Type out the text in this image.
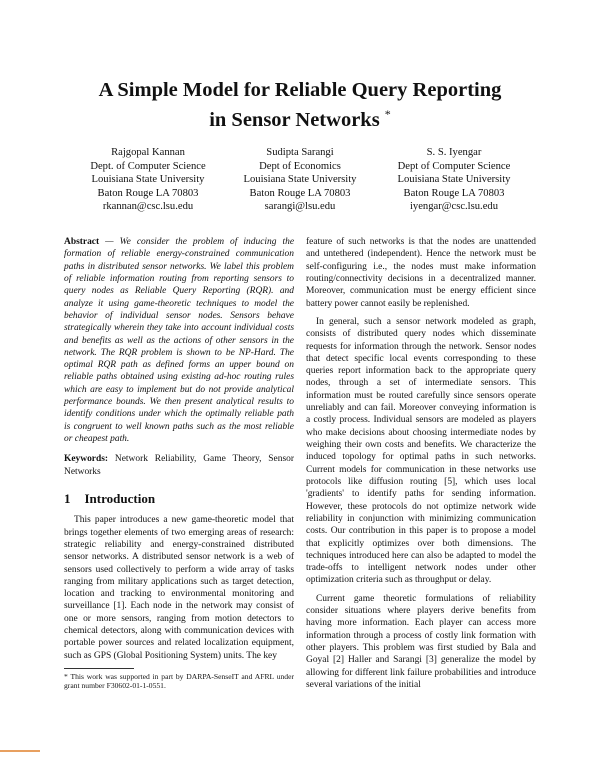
A Simple Model for Reliable Query Reporting
in Sensor Networks *
Rajgopal Kannan
Dept. of Computer Science
Louisiana State University
Baton Rouge LA 70803
rkannan@csc.lsu.edu
Sudipta Sarangi
Dept of Economics
Louisiana State University
Baton Rouge LA 70803
sarangi@lsu.edu
S. S. Iyengar
Dept of Computer Science
Louisiana State University
Baton Rouge LA 70803
iyengar@csc.lsu.edu

Abstract — We consider the problem of inducing the formation of reliable energy-constrained communication paths in distributed sensor networks. We label this problem of reliable information routing from reporting sensors to query nodes as Reliable Query Reporting (RQR). and analyze it using game-theoretic techniques to model the behavior of individual sensor nodes. Sensors behave strategically wherein they take into account individual costs and benefits as well as the actions of other sensors in the network. The RQR problem is shown to be NP-Hard. The optimal RQR path as defined forms an upper bound on reliable paths obtained using existing ad-hoc routing rules which are easy to implement but do not provide analytical performance bounds. We then present analytical results to identify conditions under which the optimally reliable path is congruent to well known paths such as the most reliable or cheapest path.

Keywords: Network Reliability, Game Theory, Sensor Networks

1 Introduction

This paper introduces a new game-theoretic model that brings together elements of two emerging areas of research: strategic reliability and energy-constrained distributed sensor networks. A distributed sensor network is a web of sensors used collectively to perform a wide array of tasks ranging from military applications such as target detection, location and tracking to environmental monitoring and surveillance [1]. Each node in the network may consist of one or more sensors, ranging from motion detectors to chemical detectors, along with communication devices with portable power sources and related localization equipment, such as GPS (Global Positioning System) units. The key

* This work was supported in part by DARPA-SenseIT and AFRL under grant number F30602-01-1-0551.

feature of such networks is that the nodes are unattended and untethered (independent). Hence the network must be self-configuring i.e., the nodes must make information routing/connectivity decisions in a decentralized manner. Moreover, communication must be energy efficient since battery power cannot easily be replenished.

In general, such a sensor network modeled as graph, consists of distributed query nodes which disseminate requests for information through the network. Sensor nodes that detect specific local events corresponding to these queries report information back to the appropriate query nodes, through a set of intermediate sensors. This information must be routed carefully since sensors operate unreliably and can fail. Moreover conveying information is a costly process. Individual sensors are modeled as players who make decisions about choosing intermediate nodes by weighing their own costs and benefits. We characterize the induced topology for optimal paths in such networks. Current models for communication in these networks use protocols like diffusion routing [5], which uses local 'gradients' to identify paths for sending information. However, these protocols do not optimize network wide reliability in conjunction with minimizing communication costs. Our contribution in this paper is to propose a model that explicitly optimizes over both dimensions. The techniques introduced here can also be adapted to model the trade-offs to intelligent network nodes under other optimization criteria such as throughput or delay.

Current game theoretic formulations of reliability consider situations where players derive benefits from having more information. Each player can access more information through a process of costly link formation with other players. This problem was first studied by Bala and Goyal [2] Haller and Sarangi [3] generalize the model by allowing for different link failure probabilities and introduce several variations of the initial
